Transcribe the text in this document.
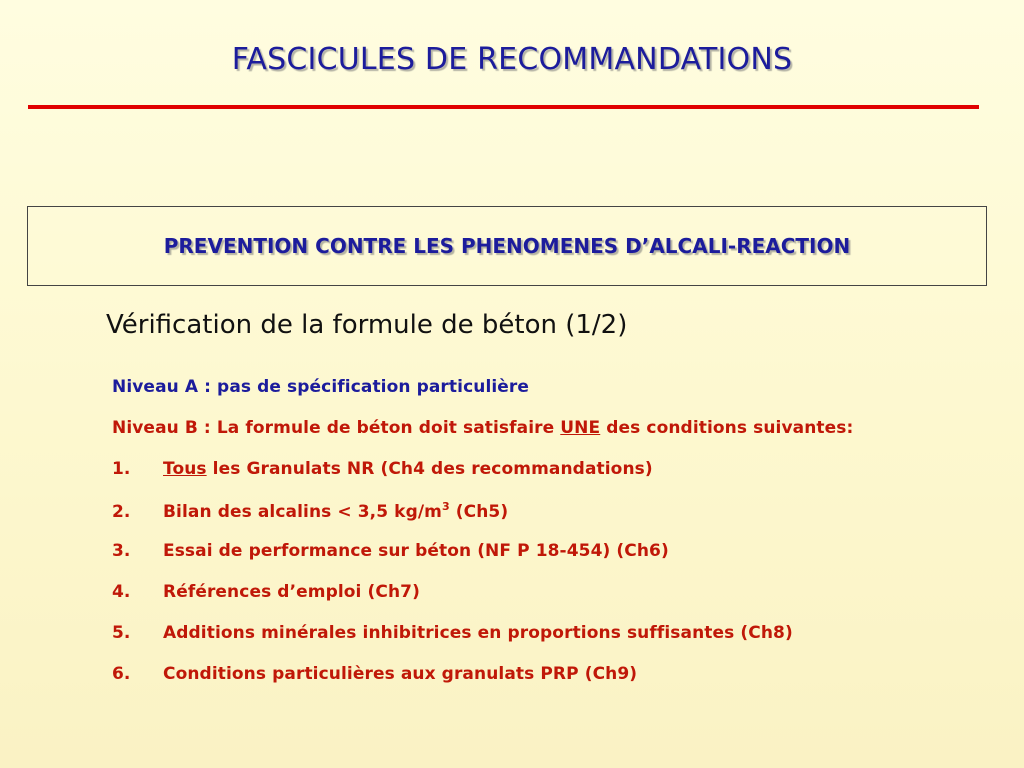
FASCICULES DE RECOMMANDATIONS
PREVENTION CONTRE LES PHENOMENES D’ALCALI-REACTION
Vérification de la formule de béton (1/2)
Niveau A : pas de spécification particulière
Niveau B : La formule de béton doit satisfaire UNE des conditions suivantes:
1. Tous les Granulats NR (Ch4 des recommandations)
2. Bilan des alcalins < 3,5 $kg/m^3$ (Ch5)
3. Essai de performance sur béton (NF P 18-454) (Ch6)
4. Références d’emploi (Ch7)
5. Additions minérales inhibitrices en proportions suffisantes (Ch8)
6. Conditions particulières aux granulats PRP (Ch9)
